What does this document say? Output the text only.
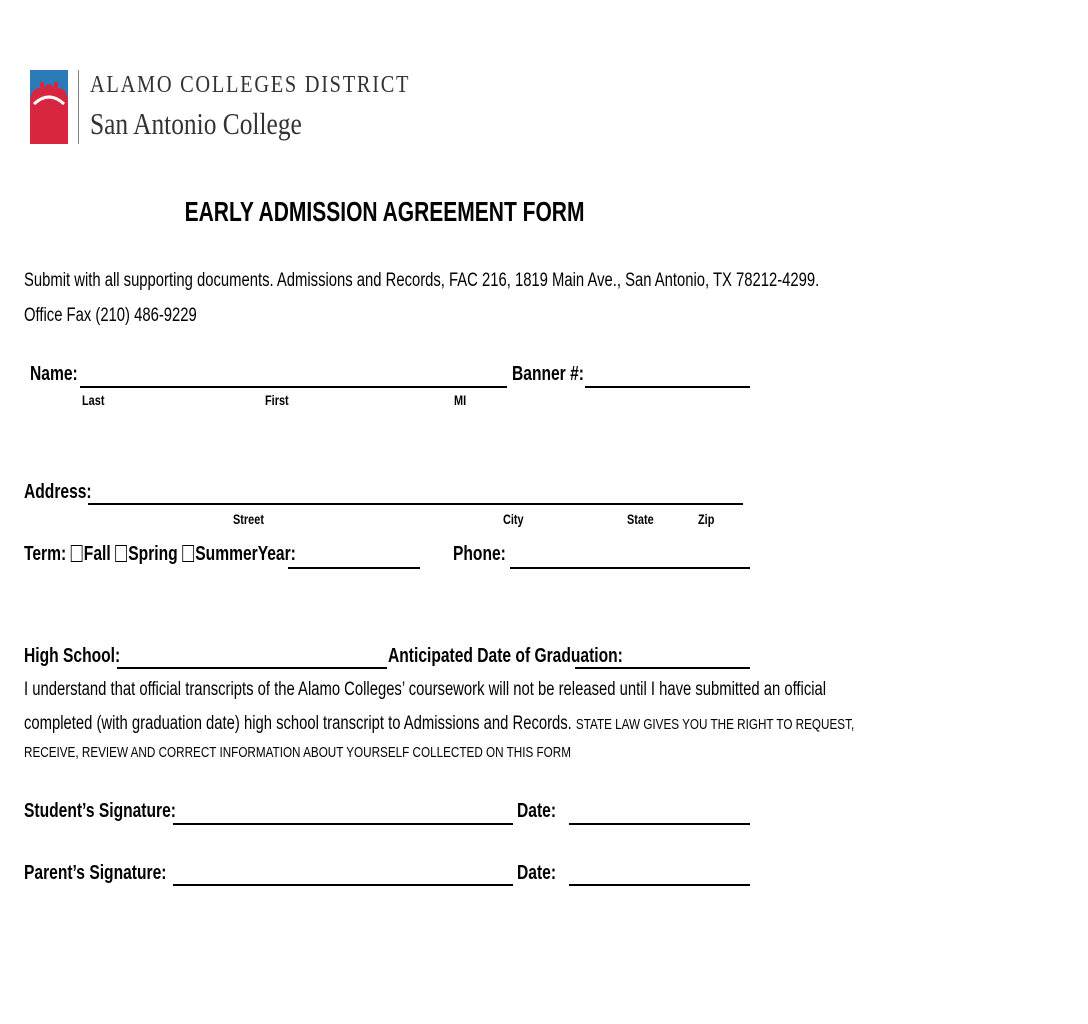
ALAMO COLLEGES DISTRICT
San Antonio College
EARLY ADMISSION AGREEMENT FORM
Submit with all supporting documents. Admissions and Records, FAC 216, 1819 Main Ave., San Antonio, TX 78212-4299.
Office Fax (210) 486-9229
Name:	Banner #:
Last	First	MI
Address:
Street	City	State	Zip
Term: Fall Spring SummerYear:	Phone:
High School:	Anticipated Date of Graduation:
I understand that official transcripts of the Alamo Colleges’ coursework will not be released until I have submitted an official
completed (with graduation date) high school transcript to Admissions and Records. STATE LAW GIVES YOU THE RIGHT TO REQUEST,
RECEIVE, REVIEW AND CORRECT INFORMATION ABOUT YOURSELF COLLECTED ON THIS FORM
Student’s Signature:	Date:
Parent’s Signature:	Date:
